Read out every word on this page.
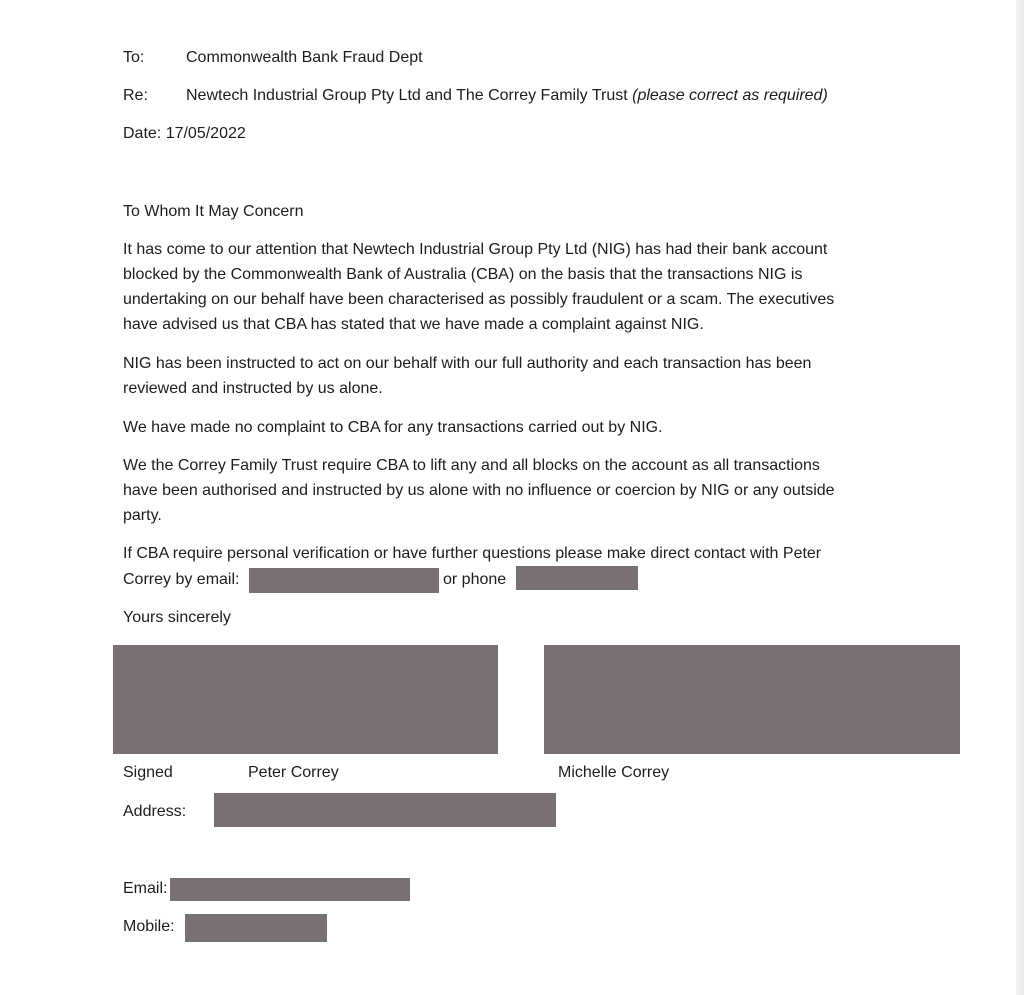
To:	Commonwealth Bank Fraud Dept
Re: Newtech Industrial Group Pty Ltd and The Correy Family Trust (please correct as required)
Date: 17/05/2022
To Whom It May Concern
It has come to our attention that Newtech Industrial Group Pty Ltd (NIG) has had their bank account
blocked by the Commonwealth Bank of Australia (CBA) on the basis that the transactions NIG is
undertaking on our behalf have been characterised as possibly fraudulent or a scam. The executives
have advised us that CBA has stated that we have made a complaint against NIG.
NIG has been instructed to act on our behalf with our full authority and each transaction has been
reviewed and instructed by us alone.
We have made no complaint to CBA for any transactions carried out by NIG.
We the Correy Family Trust require CBA to lift any and all blocks on the account as all transactions
have been authorised and instructed by us alone with no influence or coercion by NIG or any outside
party.
If CBA require personal verification or have further questions please make direct contact with Peter
Correy by email:	or phone
Yours sincerely
Signed	Peter Correy	Michelle Correy
Address:
Email:
Mobile:
